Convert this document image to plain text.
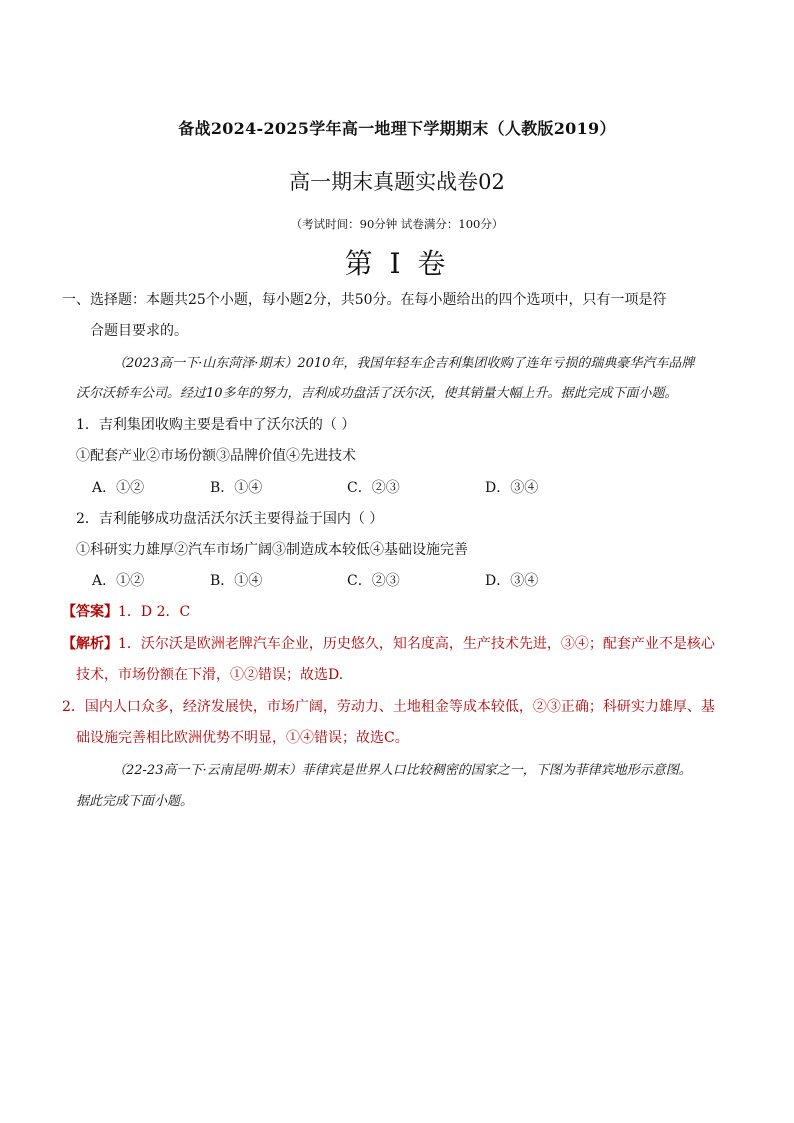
备战2024-2025学年高一地理下学期期末（人教版2019）
高一期末真题实战卷02
（考试时间：90分钟 试卷满分：100分）
第 I 卷
一、选择题：本题共25个小题，每小题2分，共50分。在每小题给出的四个选项中，只有一项是符
合题目要求的。
（2023高一下·山东菏泽·期末）2010年，我国年轻车企吉利集团收购了连年亏损的瑞典豪华汽车品牌
沃尔沃轿车公司。经过10多年的努力，吉利成功盘活了沃尔沃，使其销量大幅上升。据此完成下面小题。
1．吉利集团收购主要是看中了沃尔沃的（ ）
①配套产业②市场份额③品牌价值④先进技术
A．①②	B．①④	C．②③	D．③④
2．吉利能够成功盘活沃尔沃主要得益于国内（ ）
①科研实力雄厚②汽车市场广阔③制造成本较低④基础设施完善
A．①②	B．①④	C．②③	D．③④
【答案】1．D 2．C
【解析】1．沃尔沃是欧洲老牌汽车企业，历史悠久，知名度高，生产技术先进，③④；配套产业不是核心
技术，市场份额在下滑，①②错误；故选D.
2．国内人口众多，经济发展快，市场广阔，劳动力、土地租金等成本较低，②③正确；科研实力雄厚、基
础设施完善相比欧洲优势不明显，①④错误；故选C。
（22-23高一下·云南昆明·期末）菲律宾是世界人口比较稠密的国家之一，下图为菲律宾地形示意图。
据此完成下面小题。
